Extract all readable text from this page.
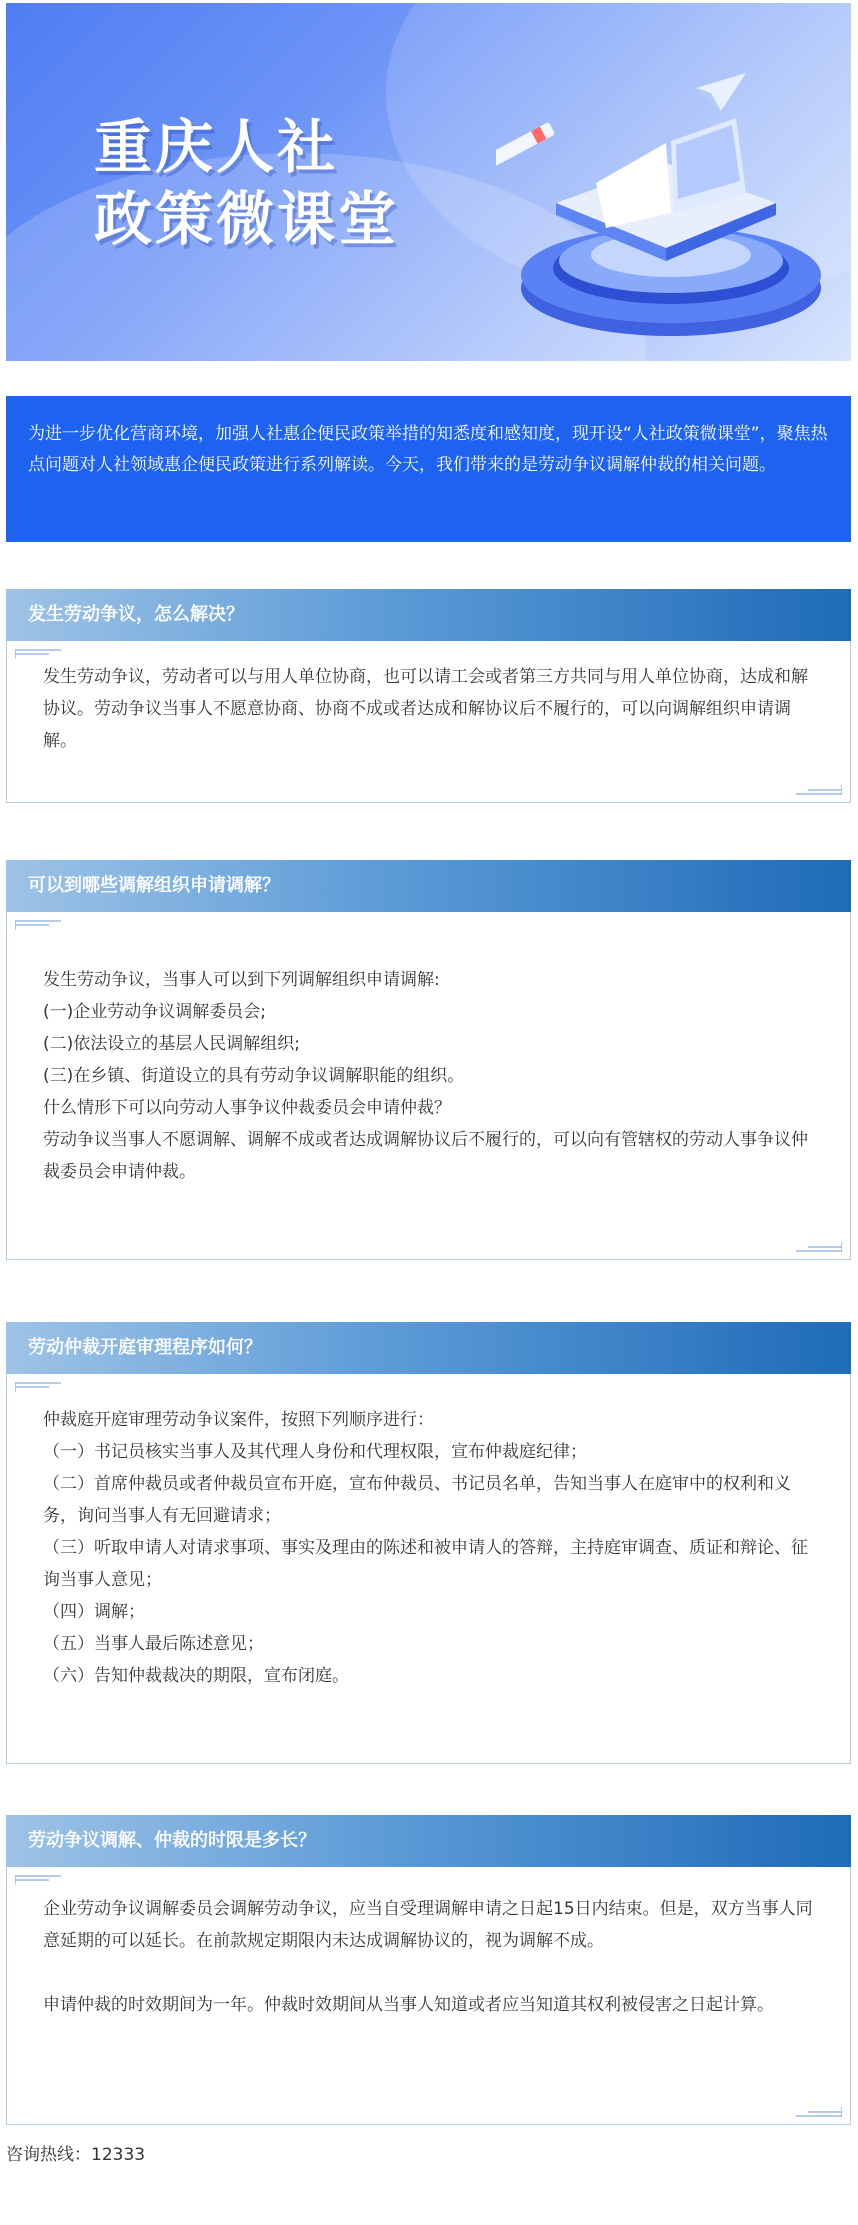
重庆人社
政策微课堂
为进一步优化营商环境，加强人社惠企便民政策举措的知悉度和感知度，现开设“人社政策微课堂”，聚焦热点问题对人社领域惠企便民政策进行系列解读。今天，我们带来的是劳动争议调解仲裁的相关问题。
发生劳动争议，怎么解决？

发生劳动争议，劳动者可以与用人单位协商，也可以请工会或者第三方共同与用人单位协商，达成和解协议。劳动争议当事人不愿意协商、协商不成或者达成和解协议后不履行的，可以向调解组织申请调解。

可以到哪些调解组织申请调解？

发生劳动争议，当事人可以到下列调解组织申请调解:

(一)企业劳动争议调解委员会;

(二)依法设立的基层人民调解组织;

(三)在乡镇、街道设立的具有劳动争议调解职能的组织。

什么情形下可以向劳动人事争议仲裁委员会申请仲裁？

劳动争议当事人不愿调解、调解不成或者达成调解协议后不履行的，可以向有管辖权的劳动人事争议仲裁委员会申请仲裁。

劳动仲裁开庭审理程序如何？

仲裁庭开庭审理劳动争议案件，按照下列顺序进行：

（一）书记员核实当事人及其代理人身份和代理权限，宣布仲裁庭纪律；

（二）首席仲裁员或者仲裁员宣布开庭，宣布仲裁员、书记员名单，告知当事人在庭审中的权利和义务，询问当事人有无回避请求；

（三）听取申请人对请求事项、事实及理由的陈述和被申请人的答辩，主持庭审调查、质证和辩论、征询当事人意见；

（四）调解；

（五）当事人最后陈述意见；

（六）告知仲裁裁决的期限，宣布闭庭。

劳动争议调解、仲裁的时限是多长？

企业劳动争议调解委员会调解劳动争议，应当自受理调解申请之日起15日内结束。但是，双方当事人同意延期的可以延长。在前款规定期限内未达成调解协议的，视为调解不成。

申请仲裁的时效期间为一年。仲裁时效期间从当事人知道或者应当知道其权利被侵害之日起计算。

咨询热线：12333
